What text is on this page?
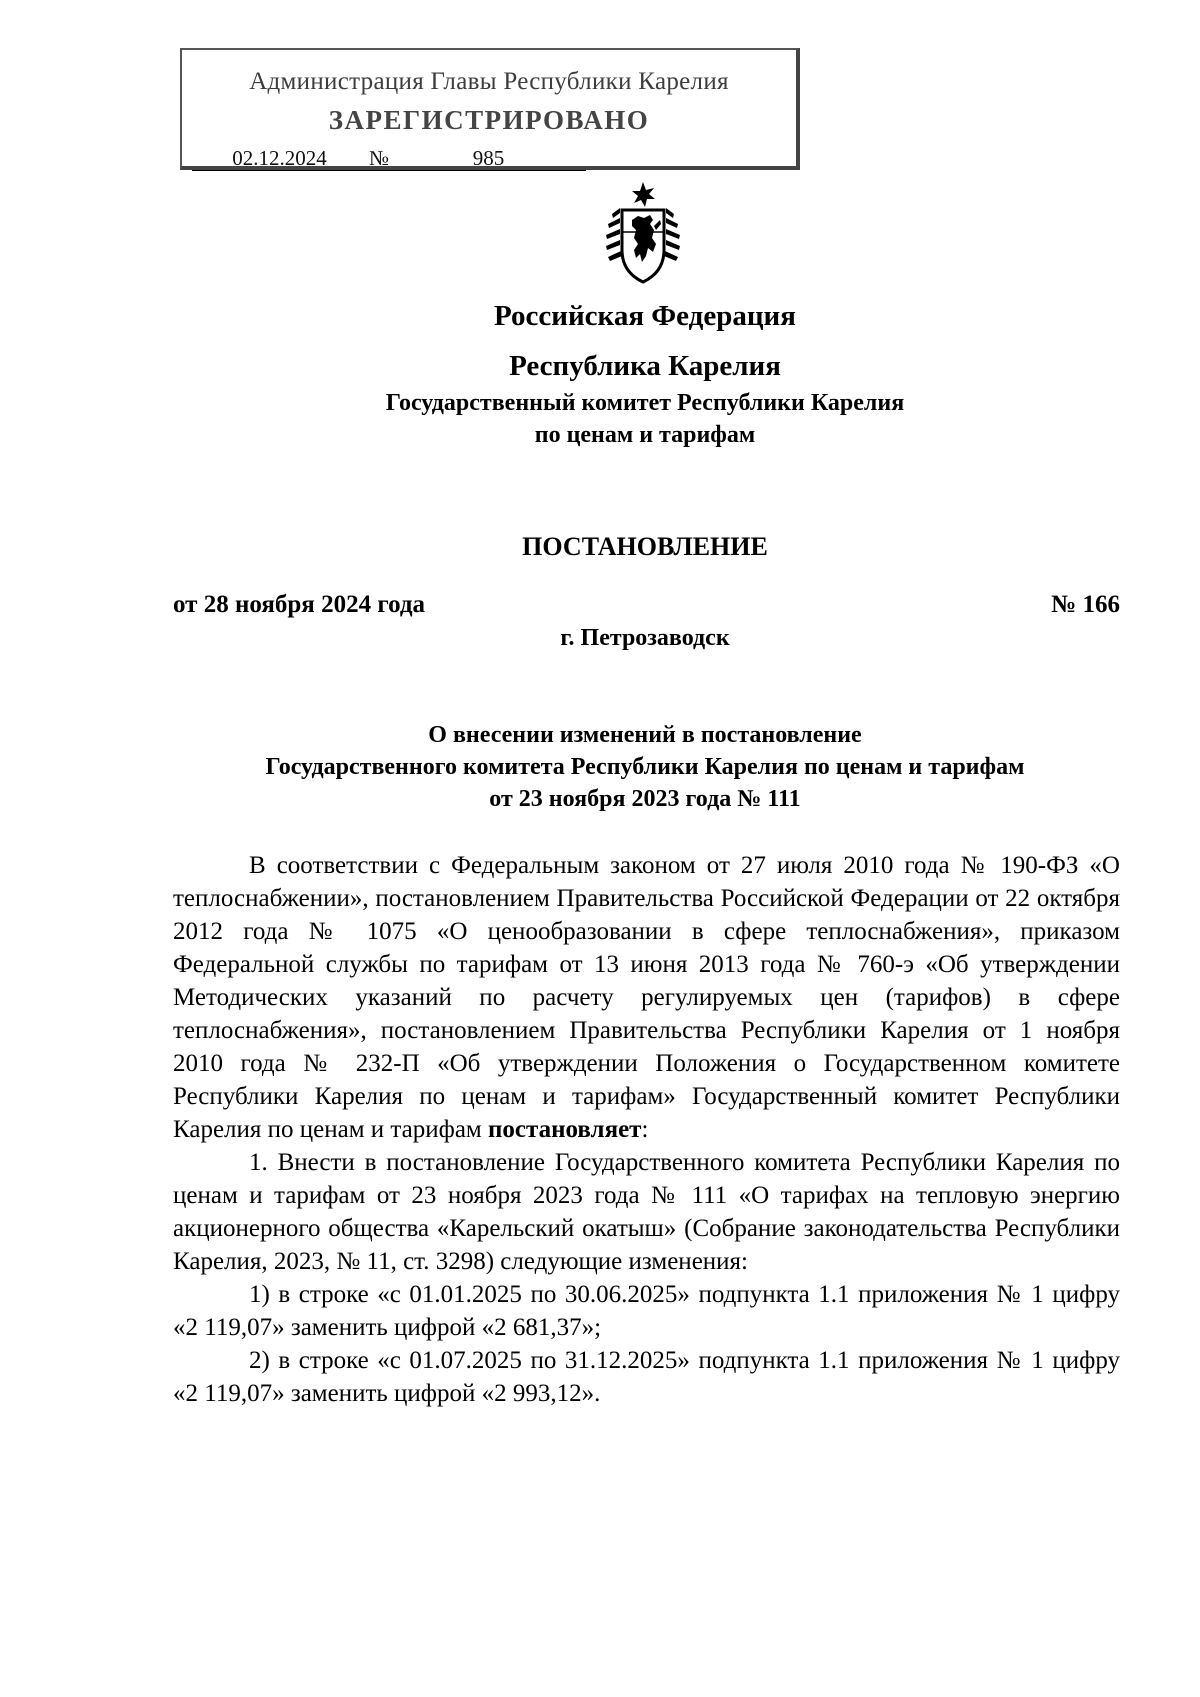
Администрация Главы Республики Карелия
ЗАРЕГИСТРИРОВАНО
02.12.2024 №	985
Российская Федерация
Республика Карелия
Государственный комитет Республики Карелия
по ценам и тарифам
ПОСТАНОВЛЕНИЕ
от 28 ноября 2024 года	№ 166
г. Петрозаводск
О внесении изменений в постановление
Государственного комитета Республики Карелия по ценам и тарифам
от 23 ноября 2023 года № 111

В соответствии с Федеральным законом от 27 июля 2010 года № 190-ФЗ «О теплоснабжении», постановлением Правительства Российской Федерации от 22 октября 2012 года № 1075 «О ценообразовании в сфере теплоснабжения», приказом Федеральной службы по тарифам от 13 июня 2013 года № 760-э «Об утверждении Методических указаний по расчету регулируемых цен (тарифов) в сфере теплоснабжения», постановлением Правительства Республики Карелия от 1 ноября 2010 года № 232-П «Об утверждении Положения о Государственном комитете Республики Карелия по ценам и тарифам» Государственный комитет Республики Карелия по ценам и тарифам постановляет:

1. Внести в постановление Государственного комитета Республики Карелия по ценам и тарифам от 23 ноября 2023 года № 111 «О тарифах на тепловую энергию акционерного общества «Карельский окатыш» (Собрание законодательства Республики Карелия, 2023, № 11, ст. 3298) следующие изменения:

1) в строке «с 01.01.2025 по 30.06.2025» подпункта 1.1 приложения № 1 цифру «2 119,07» заменить цифрой «2 681,37»;

2) в строке «с 01.07.2025 по 31.12.2025» подпункта 1.1 приложения № 1 цифру «2 119,07» заменить цифрой «2 993,12».
